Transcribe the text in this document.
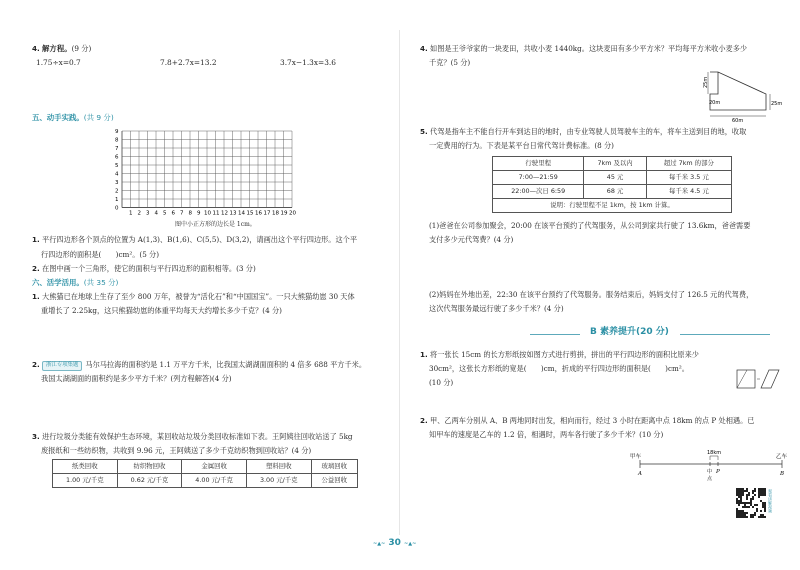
4. 解方程。(9 分)
1.75÷x=0.7	7.8+2.7x=13.2	3.7x−1.3x=3.6
五、动手实践。(共 9 分)
9
8
7
6
5
4
3
2
1
0
1 2 3 4 5 6 7 8 9 10 11 12 13 14 15 16 17 18 19 20
图中小正方形的边长是 1cm。
1. 平行四边形各个顶点的位置为 A(1,3)、B(1,6)、C(5,5)、D(3,2)，请画出这个平行四边形。这个平
行四边形的面积是(　　)cm²。(5 分)
2. 在图中画一个三角形，使它的面积与平行四边形的面积相等。(3 分)
六、活学活用。(共 35 分)
1. 大熊猫已在地球上生存了至少 800 万年，被誉为“活化石”和“中国国宝”。一只大熊猫幼崽 30 天体
重增长了 2.25kg，这只熊猫幼崽的体重平均每天大约增长多少千克？(4 分)
2. 浙江专项集题 马尔马拉海的面积约是 1.1 万平方千米，比我国太湖湖面面积的 4 倍多 688 平方千米。
我国太湖湖面的面积约是多少平方千米？(列方程解答)(4 分)
3. 进行垃圾分类能有效保护生态环境，某回收站垃圾分类回收标准如下表。王阿姨往回收站送了 5kg
废报纸和一些纺织物，共收到 9.96 元，王阿姨送了多少千克纺织物到回收站？(4 分)
纸类回收	纺织物回收	金属回收	塑料回收	玻璃回收
1.00 元/千克	0.62 元/千克	4.00 元/千克	3.00 元/千克	公益回收
4. 如图是王爷爷家的一块麦田，共收小麦 1440kg。这块麦田有多少平方米？平均每平方米收小麦多少
千克？(5 分)
25m
20m	25m
60m
5. 代驾是指车主不能自行开车到达目的地时，由专业驾驶人员驾驶车主的车，将车主送到目的地，收取
一定费用的行为。下表是某平台日常代驾计费标准。(8 分)
行驶里程	7km 及以内	超过 7km 的部分
7:00—21:59	45 元	每千米 3.5 元
22:00—次日 6:59	68 元	每千米 4.5 元
说明：行驶里程不足 1km，按 1km 计算。		
(1)爸爸在公司参加聚会，20:00 在该平台预约了代驾服务，从公司到家共行驶了 13.6km，爸爸需要
支付多少元代驾费？(4 分)
(2)妈妈在外地出差，22:30 在该平台预约了代驾服务。服务结束后，妈妈支付了 126.5 元的代驾费，
这次代驾服务最远行驶了多少千米？(4 分)
B 素养提升(20 分)
1. 将一张长 15cm 的长方形纸按如图方式进行剪拼，拼出的平行四边形的面积比原来少
30cm²，这张长方形纸的宽是(　　)cm，折成的平行四边形的面积是(　　)cm²。
(10 分)
2. 甲、乙两车分别从 A、B 两地同时出发，相向而行，经过 3 小时在距离中点 18km 的点 P 处相遇。已
知甲车的速度是乙车的 1.2 倍，相遇时，两车各行驶了多少千米？(10 分)
甲车	乙车
18km
A	B
P
中
点
观看讲解视频
~▲~ 30 ~▲~
